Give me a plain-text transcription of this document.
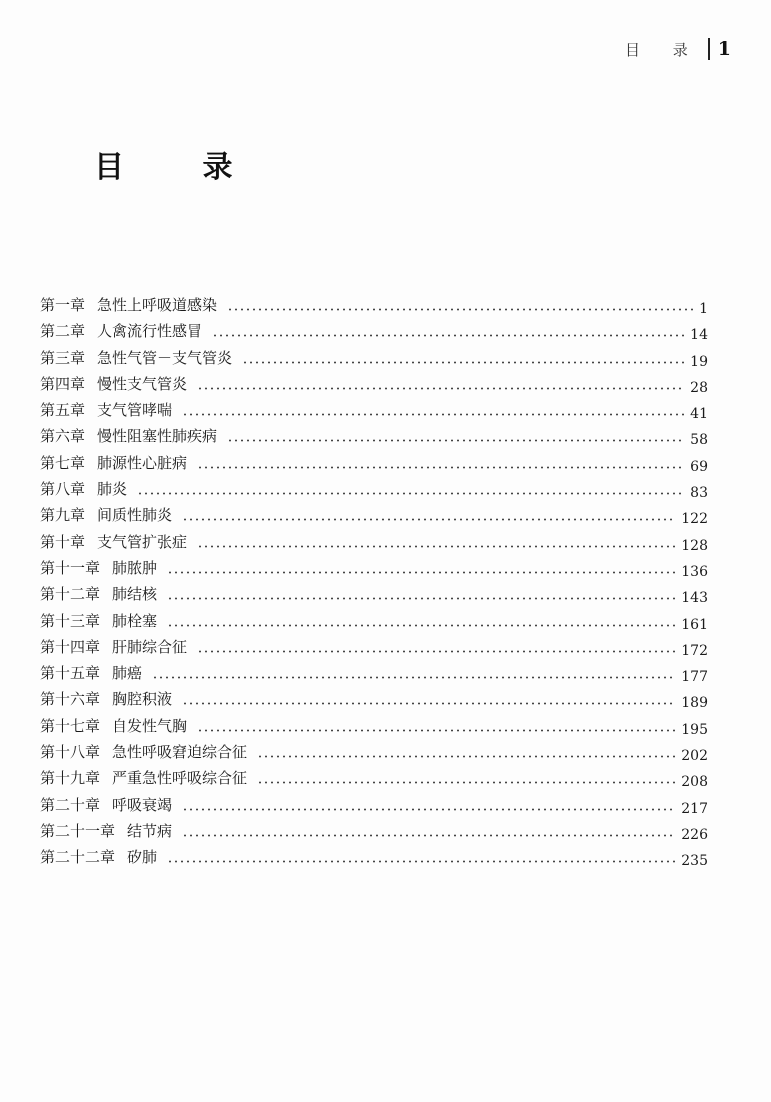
目 录 1
目 录
第一章 急性上呼吸道感染	1
第二章 人禽流行性感冒	14
第三章 急性气管－支气管炎	19
第四章 慢性支气管炎	28
第五章 支气管哮喘	41
第六章 慢性阻塞性肺疾病	58
第七章 肺源性心脏病	69
第八章 肺炎	83
第九章 间质性肺炎	122
第十章 支气管扩张症	128
第十一章 肺脓肿	136
第十二章 肺结核	143
第十三章 肺栓塞	161
第十四章 肝肺综合征	172
第十五章 肺癌	177
第十六章 胸腔积液	189
第十七章 自发性气胸	195
第十八章 急性呼吸窘迫综合征	202
第十九章 严重急性呼吸综合征	208
第二十章 呼吸衰竭	217
第二十一章 结节病	226
第二十二章 矽肺	235
